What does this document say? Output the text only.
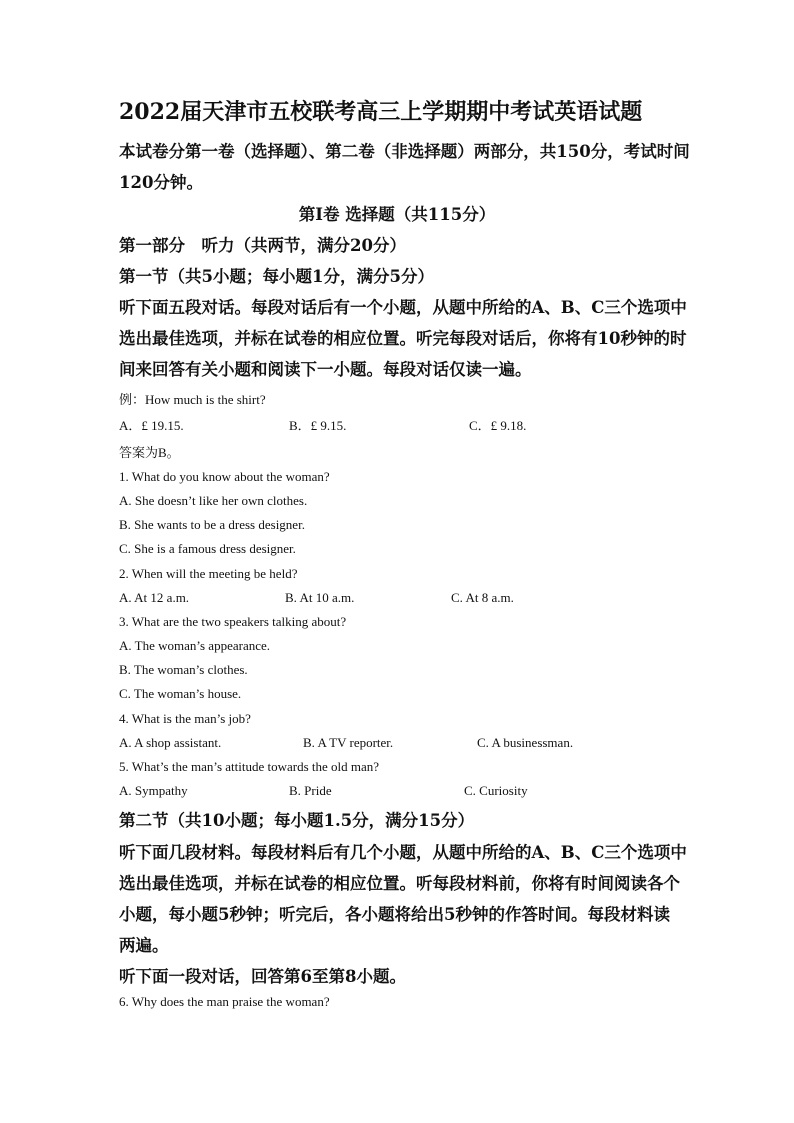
2022届天津市五校联考高三上学期期中考试英语试题
本试卷分第一卷（选择题）、第二卷（非选择题）两部分，共150分，考试时间
120分钟。
第I卷 选择题（共115分）
第一部分　听力（共两节，满分20分）
第一节（共5小题；每小题1分，满分5分）
听下面五段对话。每段对话后有一个小题，从题中所给的A、B、C三个选项中
选出最佳选项，并标在试卷的相应位置。听完每段对话后，你将有10秒钟的时
间来回答有关小题和阅读下一小题。每段对话仅读一遍。
例：How much is the shirt?
A．£ 19.15.	B．£ 9.15.	C．£ 9.18.
答案为B。
1. What do you know about the woman?
A. She doesn’t like her own clothes.
B. She wants to be a dress designer.
C. She is a famous dress designer.
2. When will the meeting be held?
A. At 12 a.m.	B. At 10 a.m.	C. At 8 a.m.
3. What are the two speakers talking about?
A. The woman’s appearance.
B. The woman’s clothes.
C. The woman’s house.
4. What is the man’s job?
A. A shop assistant.	B. A TV reporter.	C. A businessman.
5. What’s the man’s attitude towards the old man?
A. Sympathy	B. Pride	C. Curiosity
第二节（共10小题；每小题1.5分，满分15分）
听下面几段材料。每段材料后有几个小题，从题中所给的A、B、C三个选项中
选出最佳选项，并标在试卷的相应位置。听每段材料前，你将有时间阅读各个
小题，每小题5秒钟；听完后，各小题将给出5秒钟的作答时间。每段材料读
两遍。
听下面一段对话，回答第6至第8小题。
6. Why does the man praise the woman?
